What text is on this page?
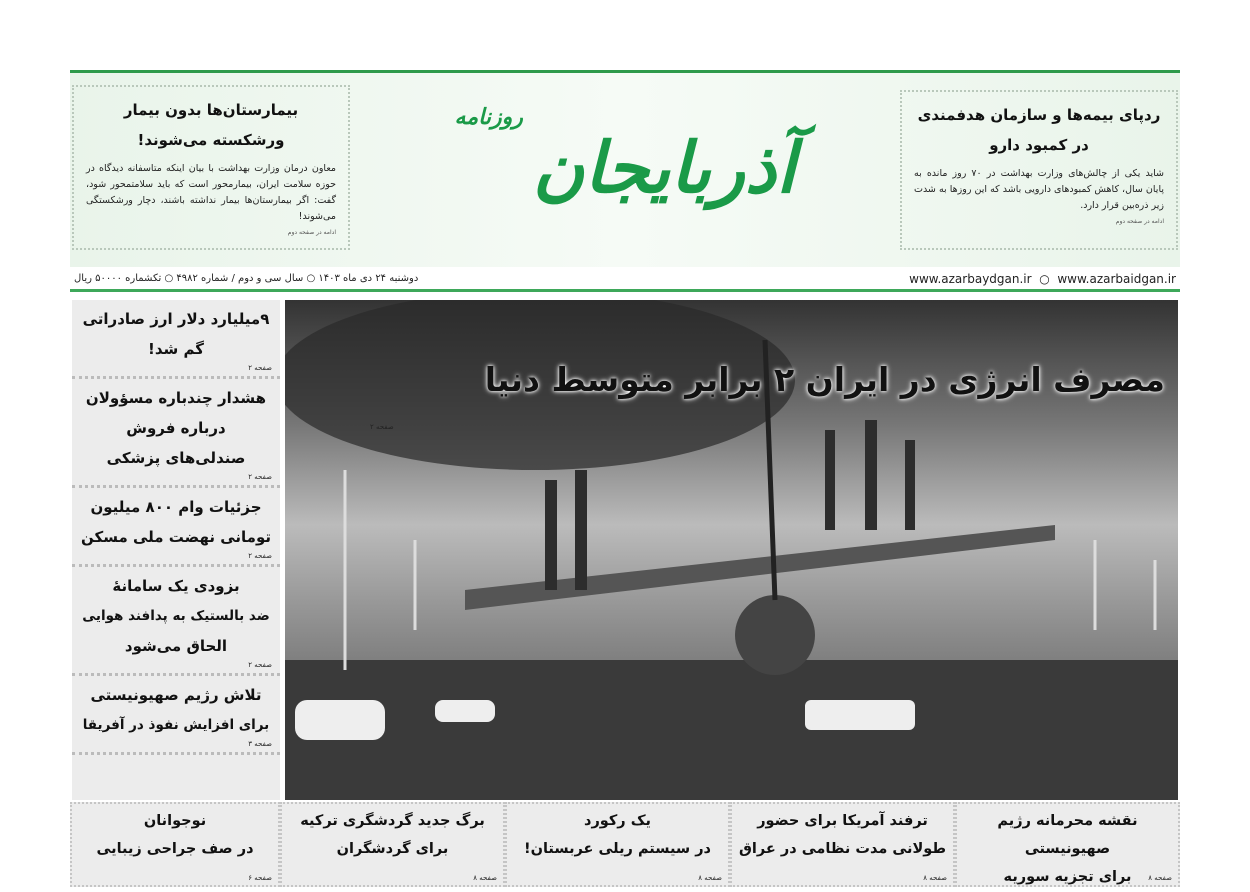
بیمارستان‌ها بدون بیمار
ورشکسته می‌شوند!

معاون درمان وزارت بهداشت با بیان اینکه متاسفانه دیدگاه در حوزه سلامت ایران، بیمارمحور است که باید سلامتمحور شود، گفت: اگر بیمارستان‌ها بیمار نداشته باشند، دچار ورشکستگی می‌شوند!

ادامه در صفحه دوم
آذربایجان
روزنامه	ردپای بیمه‌ها و سازمان هدفمندی
در کمبود دارو

شاید یکی از چالش‌های وزارت بهداشت در ۷۰ روز مانده به پایان سال، کاهش کمبودهای دارویی باشد که این روزها به شدت زیر ذره‌بین قرار دارد.

ادامه در صفحه دوم
دوشنبه ۲۴ دی ماه ۱۴۰۳ ○ سال سی و دوم / شماره ۴۹۸۲ ○ تکشماره ۵۰۰۰۰ ریال	www.azarbaydgan.ir  ○  www.azarbaidgan.ir
۹میلیارد دلار ارز صادراتی
گم شد!
صفحه ۲
هشدار چندباره مسؤولان
درباره فروش
صندلی‌های پزشکی
صفحه ۲
جزئیات وام ۸۰۰ میلیون
تومانی نهضت ملی مسکن
صفحه ۲
بزودی یک سامانهٔ
ضد بالستیک به پدافند هوایی
الحاق می‌شود
صفحه ۲
تلاش رژیم صهیونیستی
برای افزایش نفوذ در آفریقا
صفحه ۳
مصرف انرژی در ایران ۲ برابر متوسط دنیا
صفحه ۲
نقشه محرمانه رژیم صهیونیستی
برای تجزیه سوریه	صفحه ۸
ترفند آمریکا برای حضور
طولانی مدت نظامی در عراق
صفحه ۸
یک رکورد
در سیستم ریلی عربستان!
صفحه ۸
برگ جدید گردشگری ترکیه
برای گردشگران
صفحه ۸
نوجوانان
در صف جراحی زیبایی
صفحه ۶
